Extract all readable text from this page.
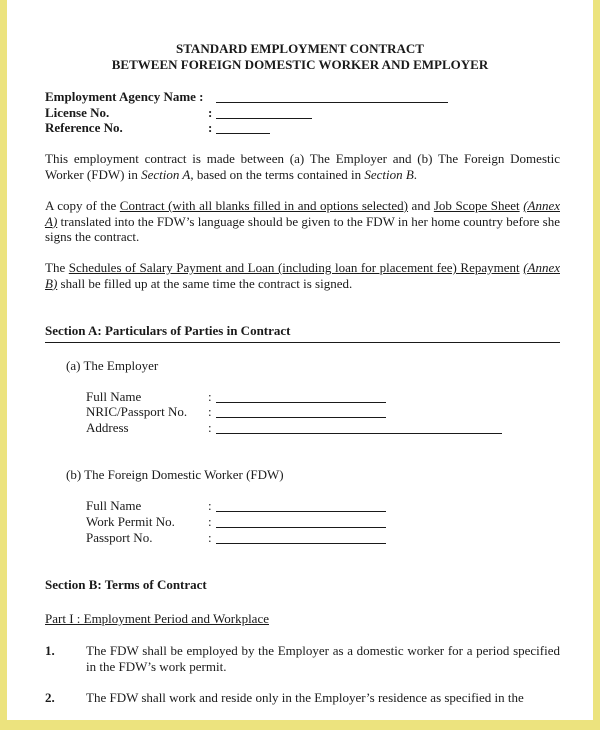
STANDARD EMPLOYMENT CONTRACT
BETWEEN FOREIGN DOMESTIC WORKER AND EMPLOYER
Employment Agency Name :
License No.	:
Reference No.	:
This employment contract is made between (a) The Employer and (b) The Foreign Domestic Worker (FDW) in Section A, based on the terms contained in Section B.
A copy of the Contract (with all blanks filled in and options selected) and Job Scope Sheet (Annex A) translated into the FDW’s language should be given to the FDW in her home country before she signs the contract.
The Schedules of Salary Payment and Loan (including loan for placement fee) Repayment (Annex B) shall be filled up at the same time the contract is signed.
Section A: Particulars of Parties in Contract
(a) The Employer
Full Name	:
NRIC/Passport No. :
Address	:
(b) The Foreign Domestic Worker (FDW)
Full Name	:
Work Permit No.	:
Passport No.	:
Section B: Terms of Contract
Part I : Employment Period and Workplace
1. The FDW shall be employed by the Employer as a domestic worker for a period specified in the FDW’s work permit.
2. The FDW shall work and reside only in the Employer’s residence as specified in the
